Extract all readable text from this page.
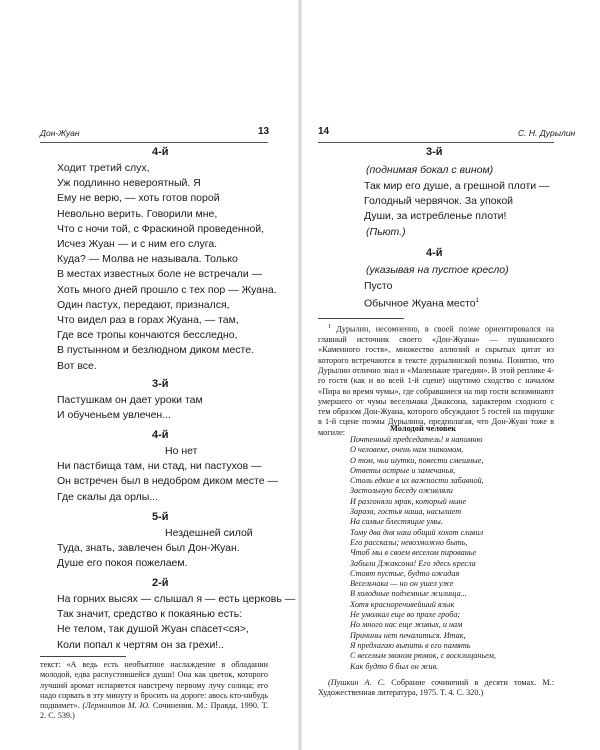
Дон-Жуан	13
4-й
Ходит третий слух,
Уж подлинно невероятный. Я
Ему не верю, — хоть готов порой
Невольно верить. Говорили мне,
Что с ночи той, с Фраскиной проведенной,
Исчез Жуан — и с ним его слуга.
Куда? — Молва не называла. Только
В местах известных боле не встречали —
Хоть много дней прошло с тех пор — Жуана.
Один пастух, передают, признался,
Что видел раз в горах Жуана, — там,
Где все тропы кончаются бесследно,
В пустынном и безлюдном диком месте.
Вот все.
3-й
Пастушкам он дает уроки там
И обученьем увлечен...
4-й
Но нет
Ни пастбища там, ни стад, ни пастухов —
Он встречен был в недобром диком месте —
Где скалы да орлы...
5-й
Нездешней силой
Туда, знать, завлечен был Дон-Жуан.
Душе его покоя пожелаем.
2-й
На горних высях — слышал я — есть церковь —
Так значит, средство к покаянью есть:
Не телом, так душой Жуан спасет<ся>,
Коли попал к чертям он за грехи!..
текст: «А ведь есть необъятное наслаждение в обладании молодой, едва распустившейся души! Она как цветок, которого лучший аромат испаряется навстречу первому лучу солнца; его надо сорвать в эту минуту и бросить на дороге: авось кто-нибудь поднимет». (Лермонтов М. Ю. Сочинения. М.: Правда, 1990. Т. 2. С. 539.)
14	С. Н. Дурылин
3-й
(поднимая бокал с вином)
Так мир его душе, а грешной плоти —
Голодный червячок. За упокой
Души, за истребленье плоти!
(Пьют.)
4-й
(указывая на пустое кресло)
Пусто
Обычное Жуана место$^1$
$^1$ Дурылин, несомненно, в своей поэме ориентировался на главный источник своего «Дон-Жуана» — пушкинского «Каменного гостя», множество аллюзий и скрытых цитат из которого встречаются в тексте дурылинской поэмы. Понятно, что Дурылин отлично знал и «Маленькие трагедии». В этой реплике 4-го гостя (как и во всей 1-й сцене) ощутимо сходство с началом «Пира во время чумы», где собравшиеся на пир гости вспоминают умершего от чумы весельчака Джаксона, характером сходного с тем образом Дон-Жуана, которого обсуждают 5 гостей на пирушке в 1-й сцене поэмы Дурылина, предполагая, что Дон-Жуан тоже в могиле:	Молодой человек
Почтенный председатель! я напомню
О человеке, очень нам знакомом,
О том, чьи шутки, повести смешные,
Ответы острые и замечанья,
Столь едкие в их важности забавной,
Застольную беседу оживляли
И разгоняли мрак, который ныне
Зараза, гостья наша, насылает
На самые блестящие умы.
Тому два дня наш общий хохот славил
Его рассказы; невозможно быть,
Чтоб мы в своем веселом пированье
Забыли Джаксона! Его здесь кресла
Стоят пустые, будто ожидая
Весельчака — но он ушел уже
В холодные подземные жилища...
Хотя красноречивейший язык
Не умолкал еще во прахе гроба;
Но много нас еще живых, и нам
Причины нет печалиться. Итак,
Я предлагаю выпить в его память
С веселым звоном рюмок, с восклицаньем,
Как будто б был он жив.
(Пушкин А. С. Собрание сочинений в десяти томах. М.: Художественная литература, 1975. Т. 4. С. 320.)
